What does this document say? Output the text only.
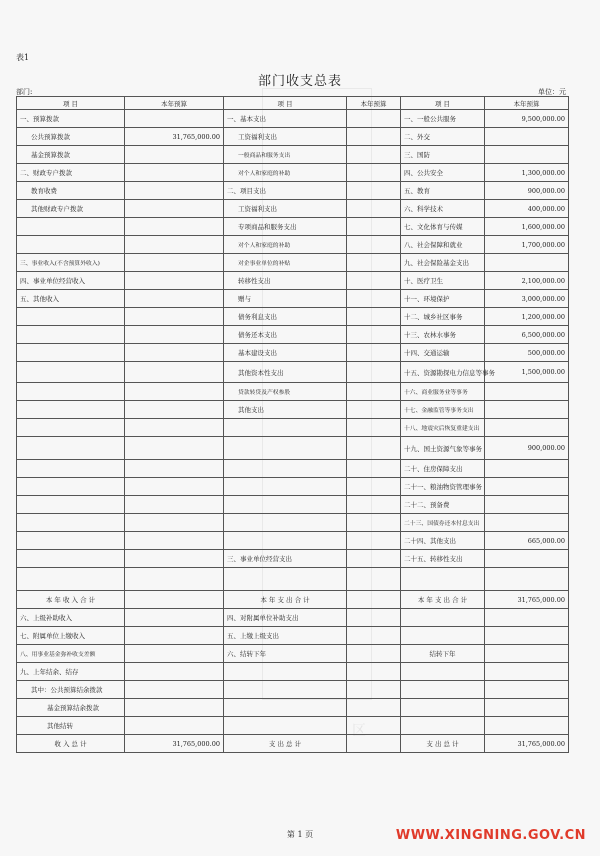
区
表1
部门收支总表
部门:	单位：元
项 目	本年预算	项 目	本年预算	项 目	本年预算
一、预算拨款		一、基本支出		一、一般公共服务	9,500,000.00
公共预算拨款	31,765,000.00	工资福利支出		二、外交	
基金预算拨款		一般商品和服务支出		三、国防	
二、财政专户拨款		对个人和家庭的补助		四、公共安全	1,300,000.00
教育收费		二、项目支出		五、教育	900,000.00
其他财政专户拨款		工资福利支出		六、科学技术	400,000.00
		专项商品和服务支出		七、文化体育与传媒	1,600,000.00
		对个人和家庭的补助		八、社会保障和就业	1,700,000.00
三、事业收入(不含预算外收入)		对企事业单位的补贴		九、社会保险基金支出	
四、事业单位经营收入		转移性支出		十、医疗卫生	2,100,000.00
五、其他收入		赠与		十一、环境保护	3,000,000.00
		债务利息支出		十二、城乡社区事务	1,200,000.00
		债务还本支出		十三、农林水事务	6,500,000.00
		基本建设支出		十四、交通运输	500,000.00
		其他资本性支出		十五、资源勘探电力信息等事务	1,500,000.00
		贷款转贷及产权参股		十六、商业服务业等事务	
		其他支出		十七、金融监管等事务支出	
				十八、地震灾后恢复重建支出	
				十九、国土资源气象等事务	900,000.00
				二十、住房保障支出	
				二十一、粮油物资管理事务	
				二十二、预备费	
				二十三、国债券还本付息支出	
				二十四、其他支出	665,000.00
		三、事业单位经营支出		二十五、转移性支出	

本 年 收 入 合 计		本 年 支 出 合 计		本 年 支 出 合 计	31,765,000.00
六、上级补助收入		四、对附属单位补助支出			
七、附属单位上缴收入		五、上缴上级支出			
八、用事业基金弥补收支差额		六、结转下年		结转下年	
九、上年结余、结存					
其中：公共预算结余拨款					
基金预算结余拨款					
其他结转					
收 入 总 计	31,765,000.00	支 出 总 计		支 出 总 计	31,765,000.00
第 1 页	WWW.XINGNING.GOV.CN
